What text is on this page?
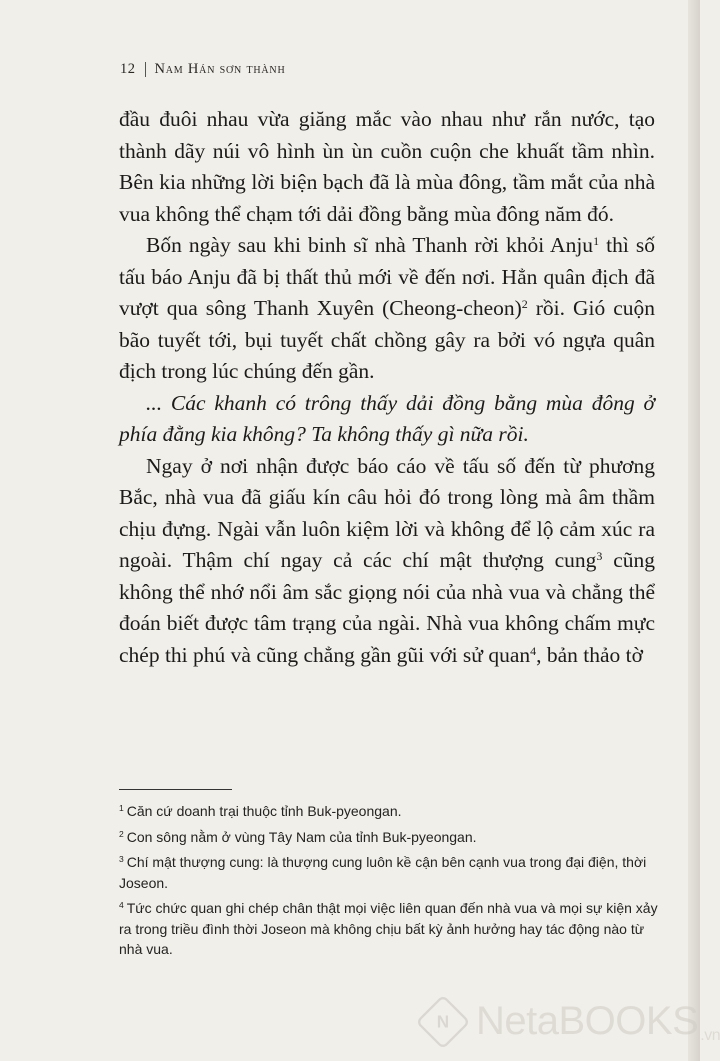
12 Nam Hán sơn thành

đầu đuôi nhau vừa giăng mắc vào nhau như rắn nước, tạo thành dãy núi vô hình ùn ùn cuồn cuộn che khuất tầm nhìn. Bên kia những lời biện bạch đã là mùa đông, tầm mắt của nhà vua không thể chạm tới dải đồng bằng mùa đông năm đó.

Bốn ngày sau khi binh sĩ nhà Thanh rời khỏi Anju$^1$ thì số tấu báo Anju đã bị thất thủ mới về đến nơi. Hẳn quân địch đã vượt qua sông Thanh Xuyên (Cheong-cheon)$^2$ rồi. Gió cuộn bão tuyết tới, bụi tuyết chất chồng gây ra bởi vó ngựa quân địch trong lúc chúng đến gần.

... Các khanh có trông thấy dải đồng bằng mùa đông ở phía đằng kia không? Ta không thấy gì nữa rồi.

Ngay ở nơi nhận được báo cáo về tấu số đến từ phương Bắc, nhà vua đã giấu kín câu hỏi đó trong lòng mà âm thầm chịu đựng. Ngài vẫn luôn kiệm lời và không để lộ cảm xúc ra ngoài. Thậm chí ngay cả các chí mật thượng cung$^3$ cũng không thể nhớ nổi âm sắc giọng nói của nhà vua và chẳng thể đoán biết được tâm trạng của ngài. Nhà vua không chấm mực chép thi phú và cũng chẳng gần gũi với sử quan$^4$, bản thảo tờ

$^1$ Căn cứ doanh trại thuộc tỉnh Buk-pyeongan.

$^2$ Con sông nằm ở vùng Tây Nam của tỉnh Buk-pyeongan.

$^3$ Chí mật thượng cung: là thượng cung luôn kề cận bên cạnh vua trong đại điện, thời Joseon.

$^4$ Tức chức quan ghi chép chân thật mọi việc liên quan đến nhà vua và mọi sự kiện xảy ra trong triều đình thời Joseon mà không chịu bất kỳ ảnh hưởng hay tác động nào từ nhà vua.

N NetaBOOKS .vn
